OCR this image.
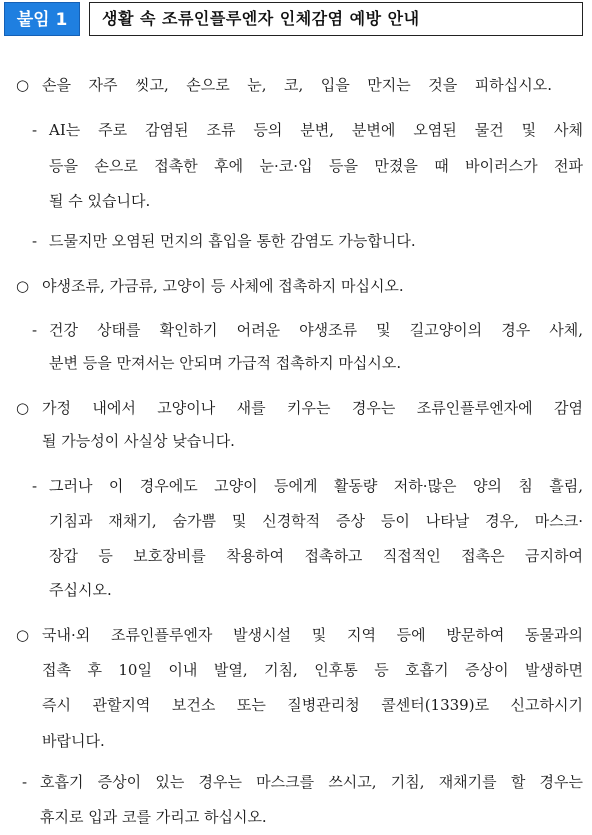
붙임 1	생활 속 조류인플루엔자 인체감염 예방 안내
○ 손을 자주 씻고, 손으로 눈, 코, 입을 만지는 것을 피하십시오.
- AI는 주로 감염된 조류 등의 분변, 분변에 오염된 물건 및 사체
등을 손으로 접촉한 후에 눈·코·입 등을 만졌을 때 바이러스가 전파
될 수 있습니다.
- 드물지만 오염된 먼지의 흡입을 통한 감염도 가능합니다.
○ 야생조류, 가금류, 고양이 등 사체에 접촉하지 마십시오.
- 건강 상태를 확인하기 어려운 야생조류 및 길고양이의 경우 사체,
분변 등을 만져서는 안되며 가급적 접촉하지 마십시오.
○ 가정 내에서 고양이나 새를 키우는 경우는 조류인플루엔자에 감염
될 가능성이 사실상 낮습니다.
- 그러나 이 경우에도 고양이 등에게 활동량 저하·많은 양의 침 흘림,
기침과 재채기, 숨가쁨 및 신경학적 증상 등이 나타날 경우, 마스크·
장갑 등 보호장비를 착용하여 접촉하고 직접적인 접촉은 금지하여
주십시오.
○ 국내·외 조류인플루엔자 발생시설 및 지역 등에 방문하여 동물과의
접촉 후 10일 이내 발열, 기침, 인후통 등 호흡기 증상이 발생하면
즉시 관할지역 보건소 또는 질병관리청 콜센터(1339)로 신고하시기
바랍니다.
- 호흡기 증상이 있는 경우는 마스크를 쓰시고, 기침, 재채기를 할 경우는
휴지로 입과 코를 가리고 하십시오.
